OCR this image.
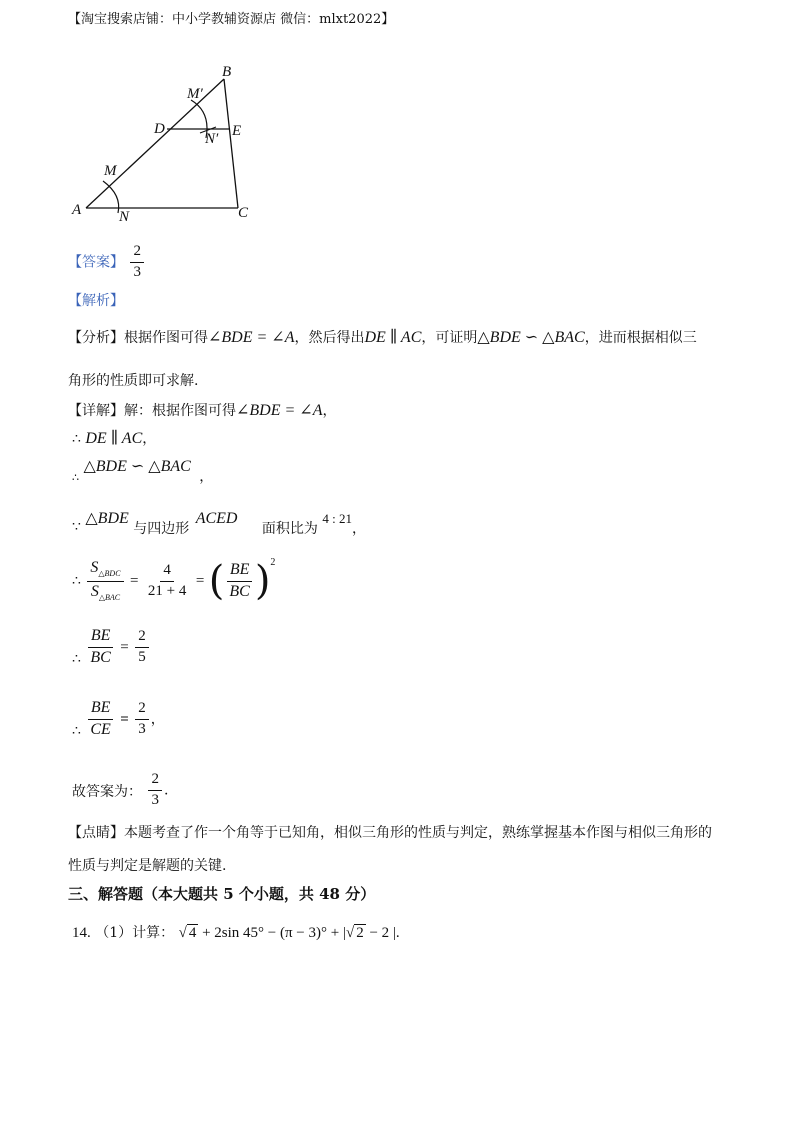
【淘宝搜索店铺：中小学教辅资源店 微信：mlxt2022】
B
M′
D	E
N′
M
A	N	C
【答案】 $\frac{2}{3}$
【解析】
【分析】根据作图可得∠BDE = ∠A，然后得出DE ∥ AC，可证明△BDE ∽ △BAC，进而根据相似三
角形的性质即可求解.
【详解】解：根据作图可得∠BDE = ∠A，
∴ DE ∥ AC，
$_\therefore$ △BDE ∽ △BAC ，
∵ △BDE 与四边形 ACED 面积比为 4 : 21，
∴ $\frac{S_{\triangle BDC}}{S_{\triangle BAC}} = \frac{4}{21 + 4}$ = ( $\frac{BE}{BC} )^2$
∴ $\frac{BE}{BC} = \frac{2}{5}$
∴ $\frac{BE}{CE} = \frac{2}{3}$ ，
故答案为： $\frac{2}{3}$ .
【点睛】本题考查了作一个角等于已知角，相似三角形的性质与判定，熟练掌握基本作图与相似三角形的
性质与判定是解题的关键.
三、解答题（本大题共 5 个小题，共 48 分）
14. （1）计算： √ 4 + 2sin 45° − (π − 3)° + |√ 2 − 2 |.
